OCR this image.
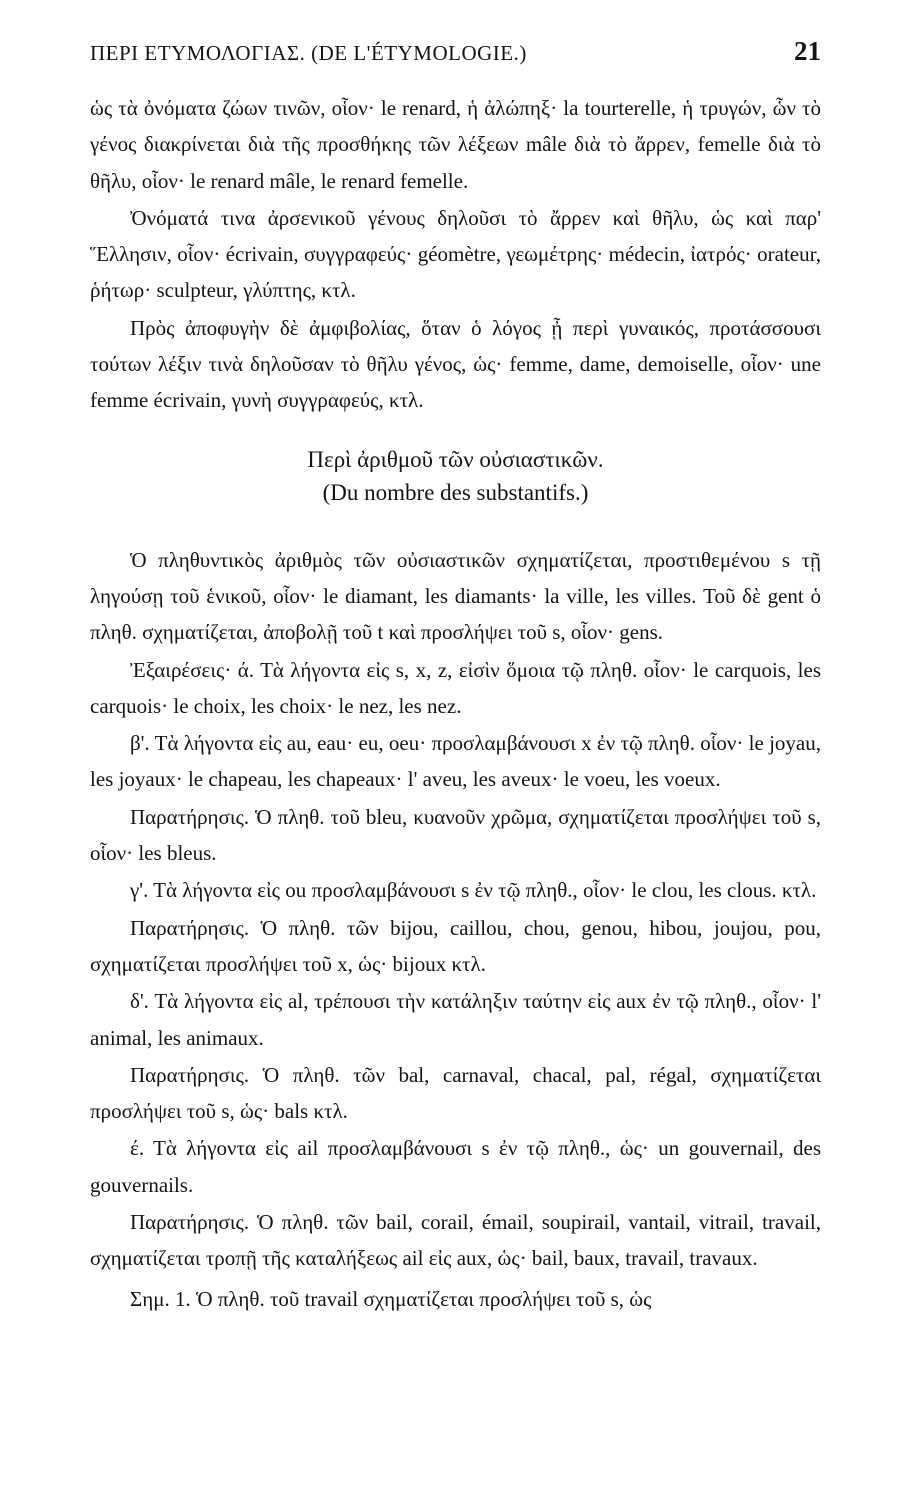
ΠΕΡΙ ΕΤΥΜΟΛΟΓΙΑΣ. (DE L'ÉTYMOLOGIE.)	21

ὡς τὰ ὀνόματα ζώων τινῶν, οἷον· le renard, ἡ ἀλώπηξ· la tourterelle, ἡ τρυγών, ὧν τὸ γένος διακρίνεται διὰ τῆς προσθήκης τῶν λέξεων mâle διὰ τὸ ἄρρεν, femelle διὰ τὸ θῆλυ, οἷον· le renard mâle, le renard femelle.

Ὀνόματά τινα ἀρσενικοῦ γένους δηλοῦσι τὸ ἄρρεν καὶ θῆλυ, ὡς καὶ παρ' Ἕλλησιν, οἷον· écrivain, συγγραφεύς· géomètre, γεωμέτρης· médecin, ἰατρός· orateur, ῥήτωρ· sculpteur, γλύπτης, κτλ.

Πρὸς ἀποφυγὴν δὲ ἀμφιβολίας, ὅταν ὁ λόγος ᾖ περὶ γυναικός, προτάσσουσι τούτων λέξιν τινὰ δηλοῦσαν τὸ θῆλυ γένος, ὡς· femme, dame, demoiselle, οἷον· une femme écrivain, γυνὴ συγγραφεύς, κτλ.

Περὶ ἀριθμοῦ τῶν οὐσιαστικῶν.
(Du nombre des substantifs.)

Ὁ πληθυντικὸς ἀριθμὸς τῶν οὐσιαστικῶν σχηματίζεται, προστιθεμένου s τῇ ληγούσῃ τοῦ ἑνικοῦ, οἷον· le diamant, les diamants· la ville, les villes. Τοῦ δὲ gent ὁ πληθ. σχηματίζεται, ἀποβολῇ τοῦ t καὶ προσλήψει τοῦ s, οἷον· gens.

Ἐξαιρέσεις· ά. Τὰ λήγοντα εἰς s, x, z, εἰσὶν ὅμοια τῷ πληθ. οἷον· le carquois, les carquois· le choix, les choix· le nez, les nez.

β'. Τὰ λήγοντα εἰς au, eau· eu, oeu· προσλαμβάνουσι x ἐν τῷ πληθ. οἷον· le joyau, les joyaux· le chapeau, les chapeaux· l' aveu, les aveux· le voeu, les voeux.

Παρατήρησις. Ὁ πληθ. τοῦ bleu, κυανοῦν χρῶμα, σχηματίζεται προσλήψει τοῦ s, οἷον· les bleus.

γ'. Τὰ λήγοντα εἰς ou προσλαμβάνουσι s ἐν τῷ πληθ., οἷον· le clou, les clous. κτλ.

Παρατήρησις. Ὁ πληθ. τῶν bijou, caillou, chou, genou, hibou, joujou, pou, σχηματίζεται προσλήψει τοῦ x, ὡς· bijoux κτλ.

δ'. Τὰ λήγοντα εἰς al, τρέπουσι τὴν κατάληξιν ταύτην εἰς aux ἐν τῷ πληθ., οἷον· l' animal, les animaux.

Παρατήρησις. Ὁ πληθ. τῶν bal, carnaval, chacal, pal, régal, σχηματίζεται προσλήψει τοῦ s, ὡς· bals κτλ.

έ. Τὰ λήγοντα εἰς ail προσλαμβάνουσι s ἐν τῷ πληθ., ὡς· un gouvernail, des gouvernails.

Παρατήρησις. Ὁ πληθ. τῶν bail, corail, émail, soupirail, vantail, vitrail, travail, σχηματίζεται τροπῇ τῆς καταλήξεως ail εἰς aux, ὡς· bail, baux, travail, travaux.

Σημ. 1. Ὁ πληθ. τοῦ travail σχηματίζεται προσλήψει τοῦ s, ὡς
